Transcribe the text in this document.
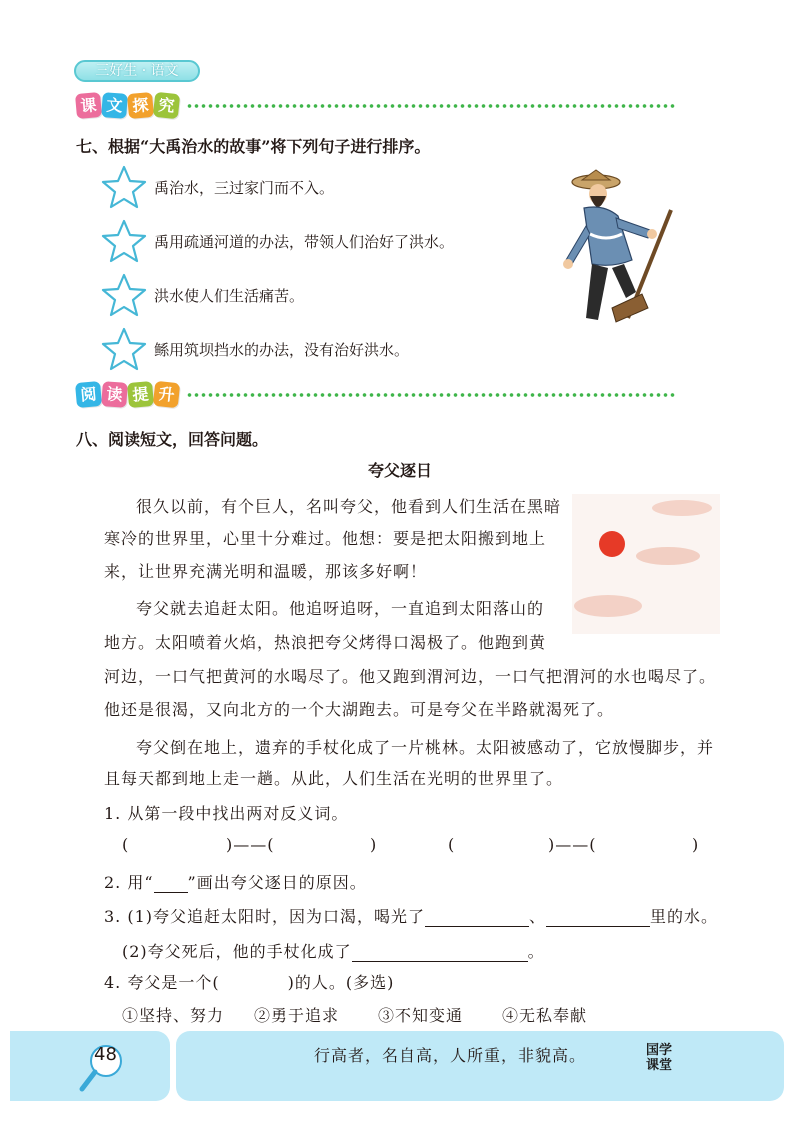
三好生 · 语文
课 文 探 究
七、根据“大禹治水的故事”将下列句子进行排序。
禹治水，三过家门而不入。
禹用疏通河道的办法，带领人们治好了洪水。
洪水使人们生活痛苦。
鲧用筑坝挡水的办法，没有治好洪水。
阅 读 提 升
八、阅读短文，回答问题。
夸父逐日
很久以前，有个巨人，名叫夸父，他看到人们生活在黑暗
寒冷的世界里，心里十分难过。他想：要是把太阳搬到地上
来，让世界充满光明和温暖，那该多好啊！
夸父就去追赶太阳。他追呀追呀，一直追到太阳落山的
地方。太阳喷着火焰，热浪把夸父烤得口渴极了。他跑到黄
河边，一口气把黄河的水喝尽了。他又跑到渭河边，一口气把渭河的水也喝尽了。
他还是很渴，又向北方的一个大湖跑去。可是夸父在半路就渴死了。
夸父倒在地上，遗弃的手杖化成了一片桃林。太阳被感动了，它放慢脚步，并
且每天都到地上走一趟。从此，人们生活在光明的世界里了。
1. 从第一段中找出两对反义词。
(	)——(	)	(	)——(	)
2. 用“ ”画出夸父逐日的原因。
3. (1)夸父追赶太阳时，因为口渴，喝光了	、	里的水。
(2)夸父死后，他的手杖化成了	。
4. 夸父是一个(　　　　)的人。(多选)
①坚持、努力 ②勇于追求 ③不知变通 ④无私奉献
48	行高者，名自高，人所重，非貌高。	国学
课堂
